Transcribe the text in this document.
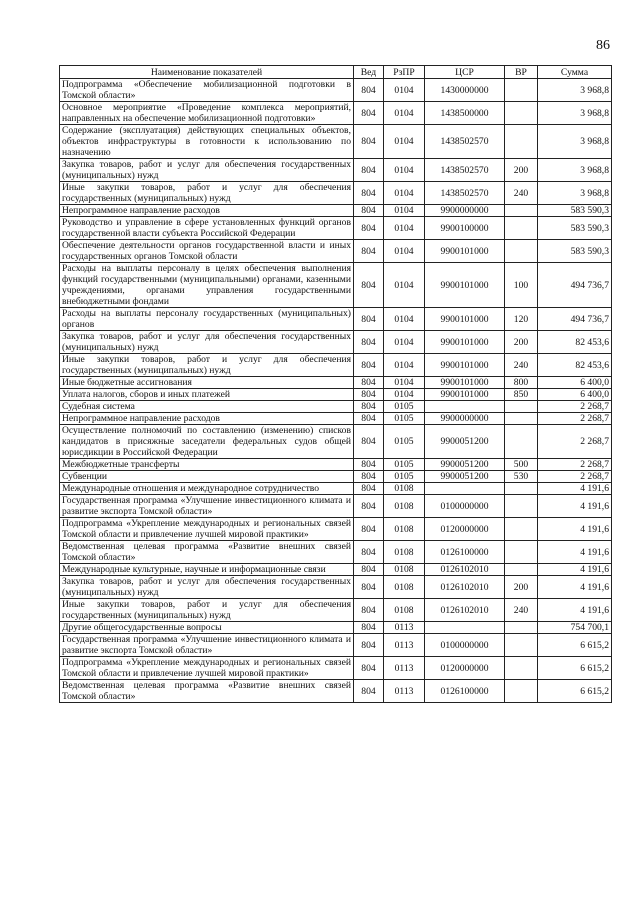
86
Наименование показателей	Вед	РзПР	ЦСР	ВР	Сумма
Подпрограмма «Обеспечение мобилизационной подготовки в Томской области»	804	0104	1430000000		3 968,8
Основное мероприятие «Проведение комплекса мероприятий, направленных на обеспечение мобилизационной подготовки»	804	0104	1438500000		3 968,8
Содержание (эксплуатация) действующих специальных объектов, объектов инфраструктуры в готовности к использованию по назначению	804	0104	1438502570		3 968,8
Закупка товаров, работ и услуг для обеспечения государственных (муниципальных) нужд	804	0104	1438502570	200	3 968,8
Иные закупки товаров, работ и услуг для обеспечения государственных (муниципальных) нужд	804	0104	1438502570	240	3 968,8
Непрограммное направление расходов	804	0104	9900000000		583 590,3
Руководство и управление в сфере установленных функций органов государственной власти субъекта Российской Федерации	804	0104	9900100000		583 590,3
Обеспечение деятельности органов государственной власти и иных государственных органов Томской области	804	0104	9900101000		583 590,3
Расходы на выплаты персоналу в целях обеспечения выполнения функций государственными (муниципальными) органами, казенными учреждениями, органами управления государственными внебюджетными фондами	804	0104	9900101000	100	494 736,7
Расходы на выплаты персоналу государственных (муниципальных) органов	804	0104	9900101000	120	494 736,7
Закупка товаров, работ и услуг для обеспечения государственных (муниципальных) нужд	804	0104	9900101000	200	82 453,6
Иные закупки товаров, работ и услуг для обеспечения государственных (муниципальных) нужд	804	0104	9900101000	240	82 453,6
Иные бюджетные ассигнования	804	0104	9900101000	800	6 400,0
Уплата налогов, сборов и иных платежей	804	0104	9900101000	850	6 400,0
Судебная система	804	0105			2 268,7
Непрограммное направление расходов	804	0105	9900000000		2 268,7
Осуществление полномочий по составлению (изменению) списков кандидатов в присяжные заседатели федеральных судов общей юрисдикции в Российской Федерации	804	0105	9900051200		2 268,7
Межбюджетные трансферты	804	0105	9900051200	500	2 268,7
Субвенции	804	0105	9900051200	530	2 268,7
Международные отношения и международное сотрудничество	804	0108			4 191,6
Государственная программа «Улучшение инвестиционного климата и развитие экспорта Томской области»	804	0108	0100000000		4 191,6
Подпрограмма «Укрепление международных и региональных связей Томской области и привлечение лучшей мировой практики»	804	0108	0120000000		4 191,6
Ведомственная целевая программа «Развитие внешних связей Томской области»	804	0108	0126100000		4 191,6
Международные культурные, научные и информационные связи	804	0108	0126102010		4 191,6
Закупка товаров, работ и услуг для обеспечения государственных (муниципальных) нужд	804	0108	0126102010	200	4 191,6
Иные закупки товаров, работ и услуг для обеспечения государственных (муниципальных) нужд	804	0108	0126102010	240	4 191,6
Другие общегосударственные вопросы	804	0113			754 700,1
Государственная программа «Улучшение инвестиционного климата и развитие экспорта Томской области»	804	0113	0100000000		6 615,2
Подпрограмма «Укрепление международных и региональных связей Томской области и привлечение лучшей мировой практики»	804	0113	0120000000		6 615,2
Ведомственная целевая программа «Развитие внешних связей Томской области»	804	0113	0126100000		6 615,2
